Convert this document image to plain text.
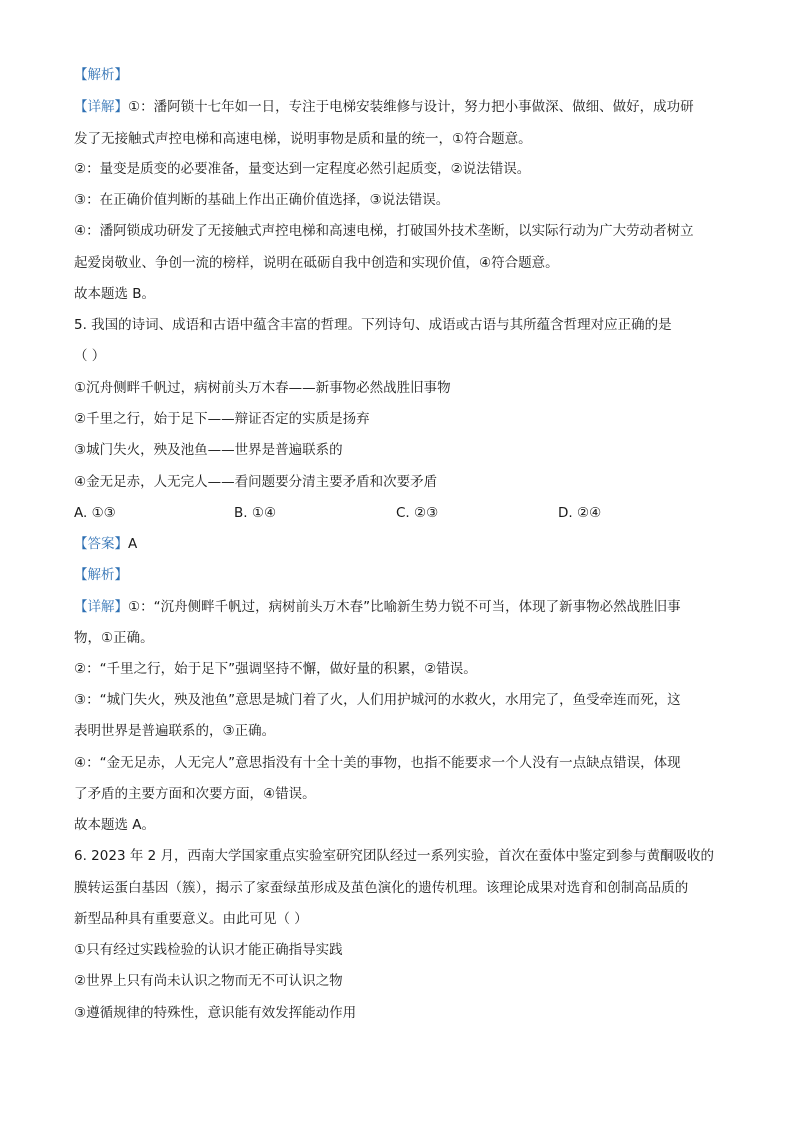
【解析】
【详解】①：潘阿锁十七年如一日，专注于电梯安装维修与设计，努力把小事做深、做细、做好，成功研
发了无接触式声控电梯和高速电梯，说明事物是质和量的统一，①符合题意。
②：量变是质变的必要准备，量变达到一定程度必然引起质变，②说法错误。
③：在正确价值判断的基础上作出正确价值选择，③说法错误。
④：潘阿锁成功研发了无接触式声控电梯和高速电梯，打破国外技术垄断，以实际行动为广大劳动者树立
起爱岗敬业、争创一流的榜样，说明在砥砺自我中创造和实现价值，④符合题意。
故本题选 B。
5. 我国的诗词、成语和古语中蕴含丰富的哲理。下列诗句、成语或古语与其所蕴含哲理对应正确的是
（ ）
①沉舟侧畔千帆过，病树前头万木春——新事物必然战胜旧事物
②千里之行，始于足下——辩证否定的实质是扬弃
③城门失火，殃及池鱼——世界是普遍联系的
④金无足赤，人无完人——看问题要分清主要矛盾和次要矛盾
A. ①③	B. ①④	C. ②③	D. ②④
【答案】A
【解析】
【详解】①：“沉舟侧畔千帆过，病树前头万木春”比喻新生势力锐不可当，体现了新事物必然战胜旧事
物，①正确。
②：“千里之行，始于足下”强调坚持不懈，做好量的积累，②错误。
③：“城门失火，殃及池鱼”意思是城门着了火，人们用护城河的水救火，水用完了，鱼受牵连而死，这
表明世界是普遍联系的，③正确。
④：“金无足赤，人无完人”意思指没有十全十美的事物，也指不能要求一个人没有一点缺点错误，体现
了矛盾的主要方面和次要方面，④错误。
故本题选 A。
6. 2023 年 2 月，西南大学国家重点实验室研究团队经过一系列实验，首次在蚕体中鉴定到参与黄酮吸收的
膜转运蛋白基因（簇），揭示了家蚕绿茧形成及茧色演化的遗传机理。该理论成果对选育和创制高品质的
新型品种具有重要意义。由此可见（ ）
①只有经过实践检验的认识才能正确指导实践
②世界上只有尚未认识之物而无不可认识之物
③遵循规律的特殊性，意识能有效发挥能动作用
